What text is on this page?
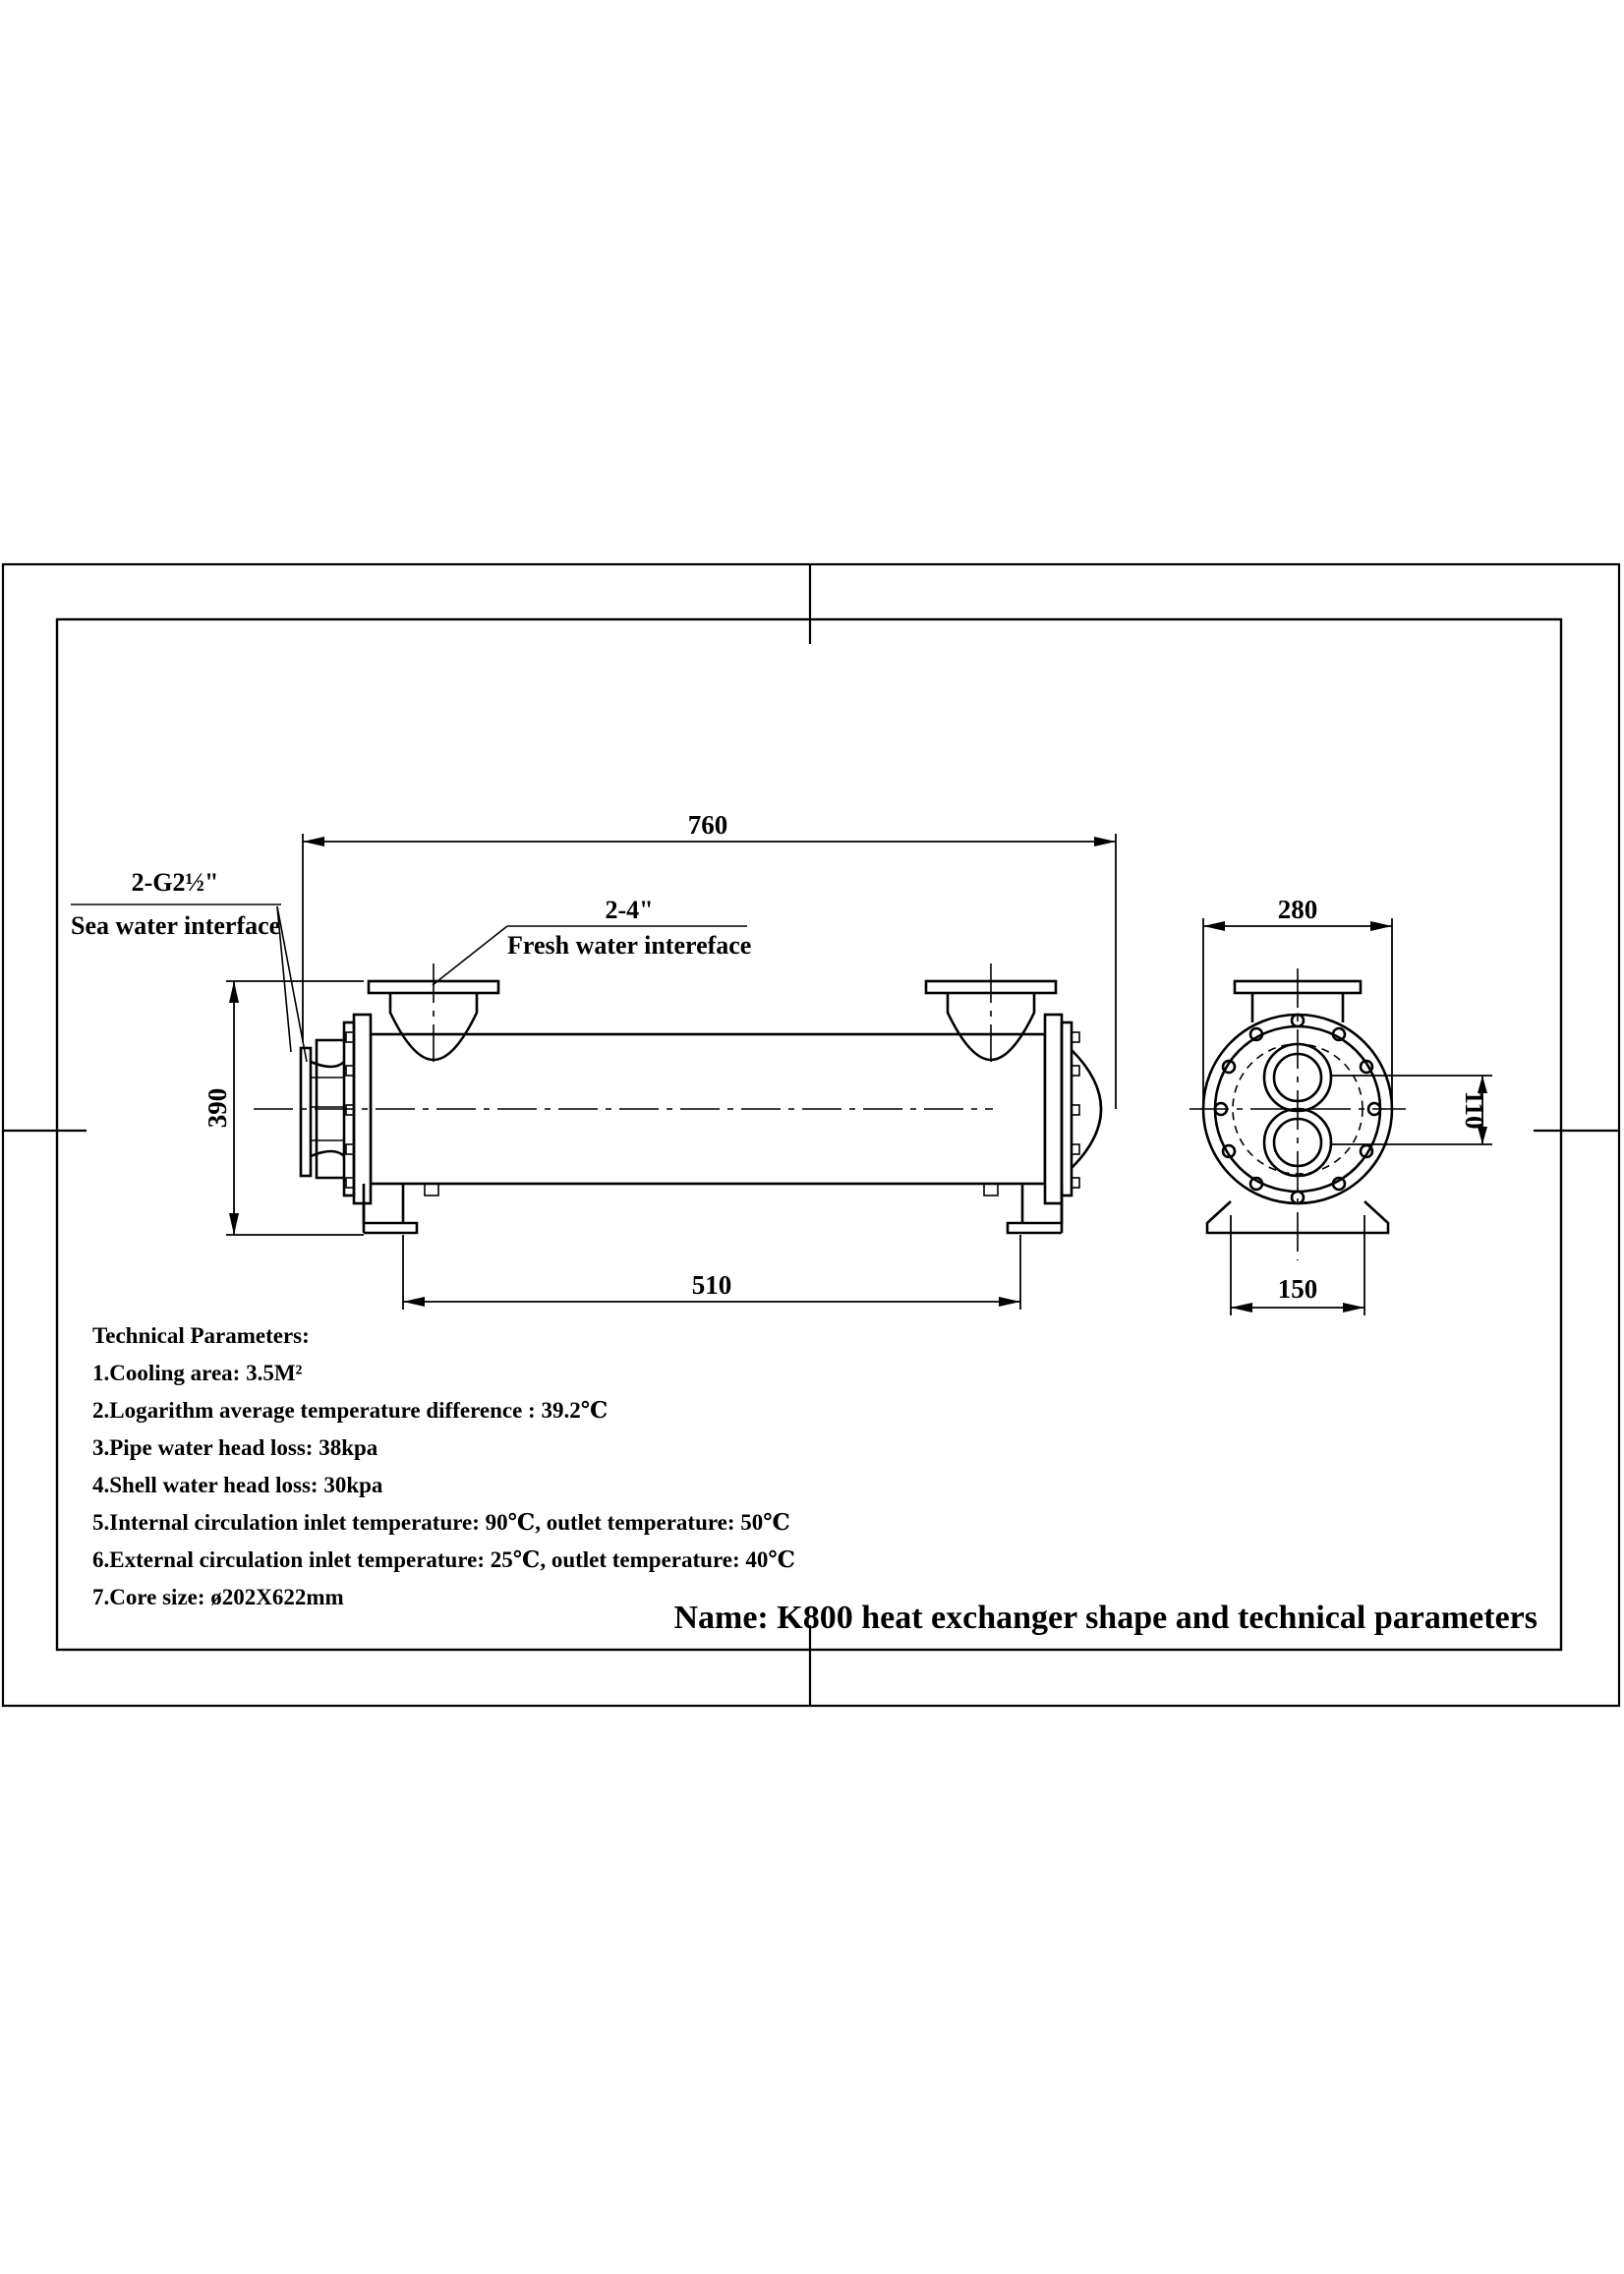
760
510
390
280
150
110
2-G2½"
Sea water interface
2-4"
Fresh water intereface
Technical Parameters:
1.Cooling area: 3.5M²
2.Logarithm average temperature difference : 39.2℃
3.Pipe water head loss: 38kpa
4.Shell water head loss: 30kpa
5.Internal circulation inlet temperature: 90℃, outlet temperature: 50℃
6.External circulation inlet temperature: 25℃, outlet temperature: 40℃
7.Core size: ø202X622mm
Name: K800 heat exchanger shape and technical parameters
